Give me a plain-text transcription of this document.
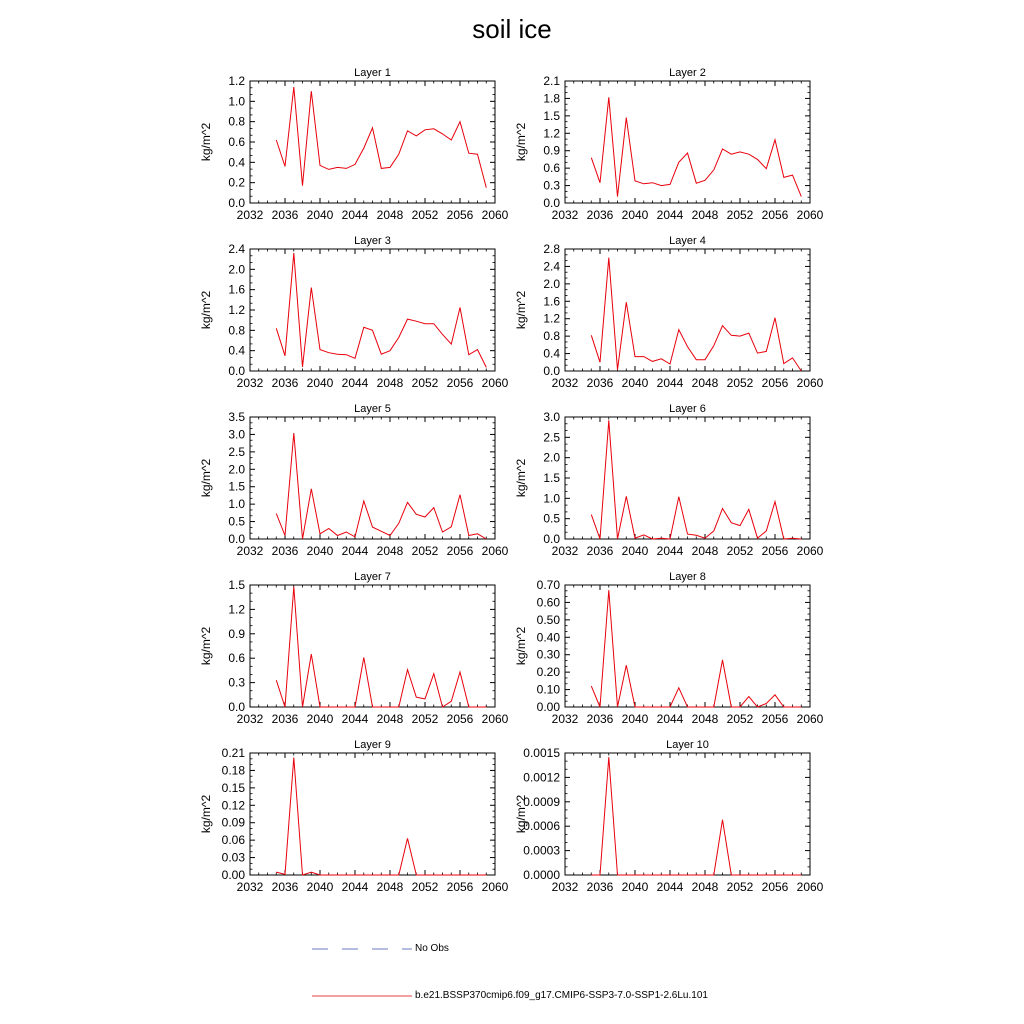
soil ice
Layer 1
2032 2036 2040 2044 2048 2052 2056 2060
0.0
0.2
0.4
0.6
0.8
1.0
1.2
kg/m^2
Layer 2
2032 2036 2040 2044 2048 2052 2056 2060
0.0
0.3
0.6
0.9
1.2
1.5
1.8
2.1
kg/m^2
Layer 3
2032 2036 2040 2044 2048 2052 2056 2060
0.0
0.4
0.8
1.2
1.6
2.0
2.4
kg/m^2
Layer 4
2032 2036 2040 2044 2048 2052 2056 2060
0.0
0.4
0.8
1.2
1.6
2.0
2.4
2.8
kg/m^2
Layer 5
2032 2036 2040 2044 2048 2052 2056 2060
0.0
0.5
1.0
1.5
2.0
2.5
3.0
3.5
kg/m^2
Layer 6
2032 2036 2040 2044 2048 2052 2056 2060
0.0
0.5
1.0
1.5
2.0
2.5
3.0
kg/m^2
Layer 7
2032 2036 2040 2044 2048 2052 2056 2060
0.0
0.3
0.6
0.9
1.2
1.5
kg/m^2
Layer 8
2032 2036 2040 2044 2048 2052 2056 2060
0.00
0.10
0.20
0.30
0.40
0.50
0.60
0.70
kg/m^2
Layer 9
2032 2036 2040 2044 2048 2052 2056 2060
0.00
0.03
0.06
0.09
0.12
0.15
0.18
0.21
kg/m^2
Layer 10
2032 2036 2040 2044 2048 2052 2056 2060
0.0000
0.0003
0.0006
0.0009
0.0012
0.0015
kg/m^2
No Obs
b.e21.BSSP370cmip6.f09_g17.CMIP6-SSP3-7.0-SSP1-2.6Lu.101
